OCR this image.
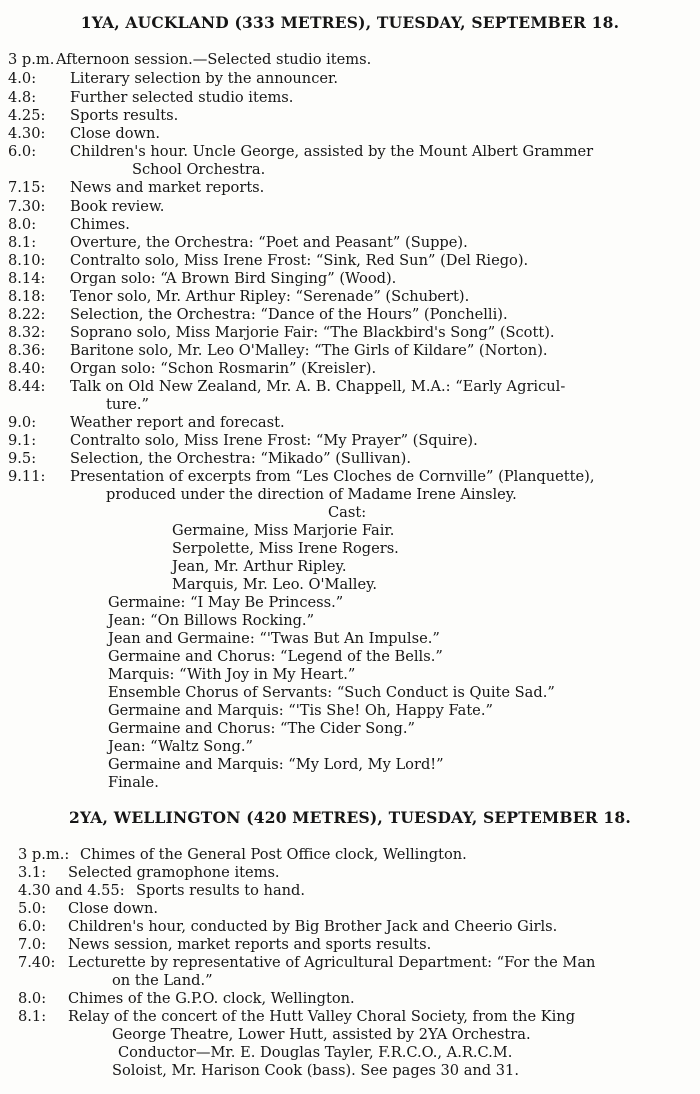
1YA, AUCKLAND (333 METRES), TUESDAY, SEPTEMBER 18.
3 p.m. Afternoon session.—Selected studio items.
4.0: Literary selection by the announcer.
4.8: Further selected studio items.
4.25: Sports results.
4.30: Close down.
6.0: Children's hour. Uncle George, assisted by the Mount Albert Grammer
School Orchestra.
7.15: News and market reports.
7.30: Book review.
8.0: Chimes.
8.1: Overture, the Orchestra: “Poet and Peasant” (Suppe).
8.10: Contralto solo, Miss Irene Frost: “Sink, Red Sun” (Del Riego).
8.14: Organ solo: “A Brown Bird Singing” (Wood).
8.18: Tenor solo, Mr. Arthur Ripley: “Serenade” (Schubert).
8.22: Selection, the Orchestra: “Dance of the Hours” (Ponchelli).
8.32: Soprano solo, Miss Marjorie Fair: “The Blackbird's Song” (Scott).
8.36: Baritone solo, Mr. Leo O'Malley: “The Girls of Kildare” (Norton).
8.40: Organ solo: “Schon Rosmarin” (Kreisler).
8.44: Talk on Old New Zealand, Mr. A. B. Chappell, M.A.: “Early Agricul-
ture.”
9.0: Weather report and forecast.
9.1: Contralto solo, Miss Irene Frost: “My Prayer” (Squire).
9.5: Selection, the Orchestra: “Mikado” (Sullivan).
9.11: Presentation of excerpts from “Les Cloches de Cornville” (Planquette),
produced under the direction of Madame Irene Ainsley.
Cast:
Germaine, Miss Marjorie Fair.
Serpolette, Miss Irene Rogers.
Jean, Mr. Arthur Ripley.
Marquis, Mr. Leo. O'Malley.
Germaine: “I May Be Princess.”
Jean: “On Billows Rocking.”
Jean and Germaine: “'Twas But An Impulse.”
Germaine and Chorus: “Legend of the Bells.”
Marquis: “With Joy in My Heart.”
Ensemble Chorus of Servants: “Such Conduct is Quite Sad.”
Germaine and Marquis: “'Tis She! Oh, Happy Fate.”
Germaine and Chorus: “The Cider Song.”
Jean: “Waltz Song.”
Germaine and Marquis: “My Lord, My Lord!”
Finale.
2YA, WELLINGTON (420 METRES), TUESDAY, SEPTEMBER 18.
3 p.m.: Chimes of the General Post Office clock, Wellington.
3.1: Selected gramophone items.
4.30 and 4.55: Sports results to hand.
5.0: Close down.
6.0: Children's hour, conducted by Big Brother Jack and Cheerio Girls.
7.0: News session, market reports and sports results.
7.40: Lecturette by representative of Agricultural Department: “For the Man
on the Land.”
8.0: Chimes of the G.P.O. clock, Wellington.
8.1: Relay of the concert of the Hutt Valley Choral Society, from the King
George Theatre, Lower Hutt, assisted by 2YA Orchestra.
Conductor—Mr. E. Douglas Tayler, F.R.C.O., A.R.C.M.
Soloist, Mr. Harison Cook (bass). See pages 30 and 31.
